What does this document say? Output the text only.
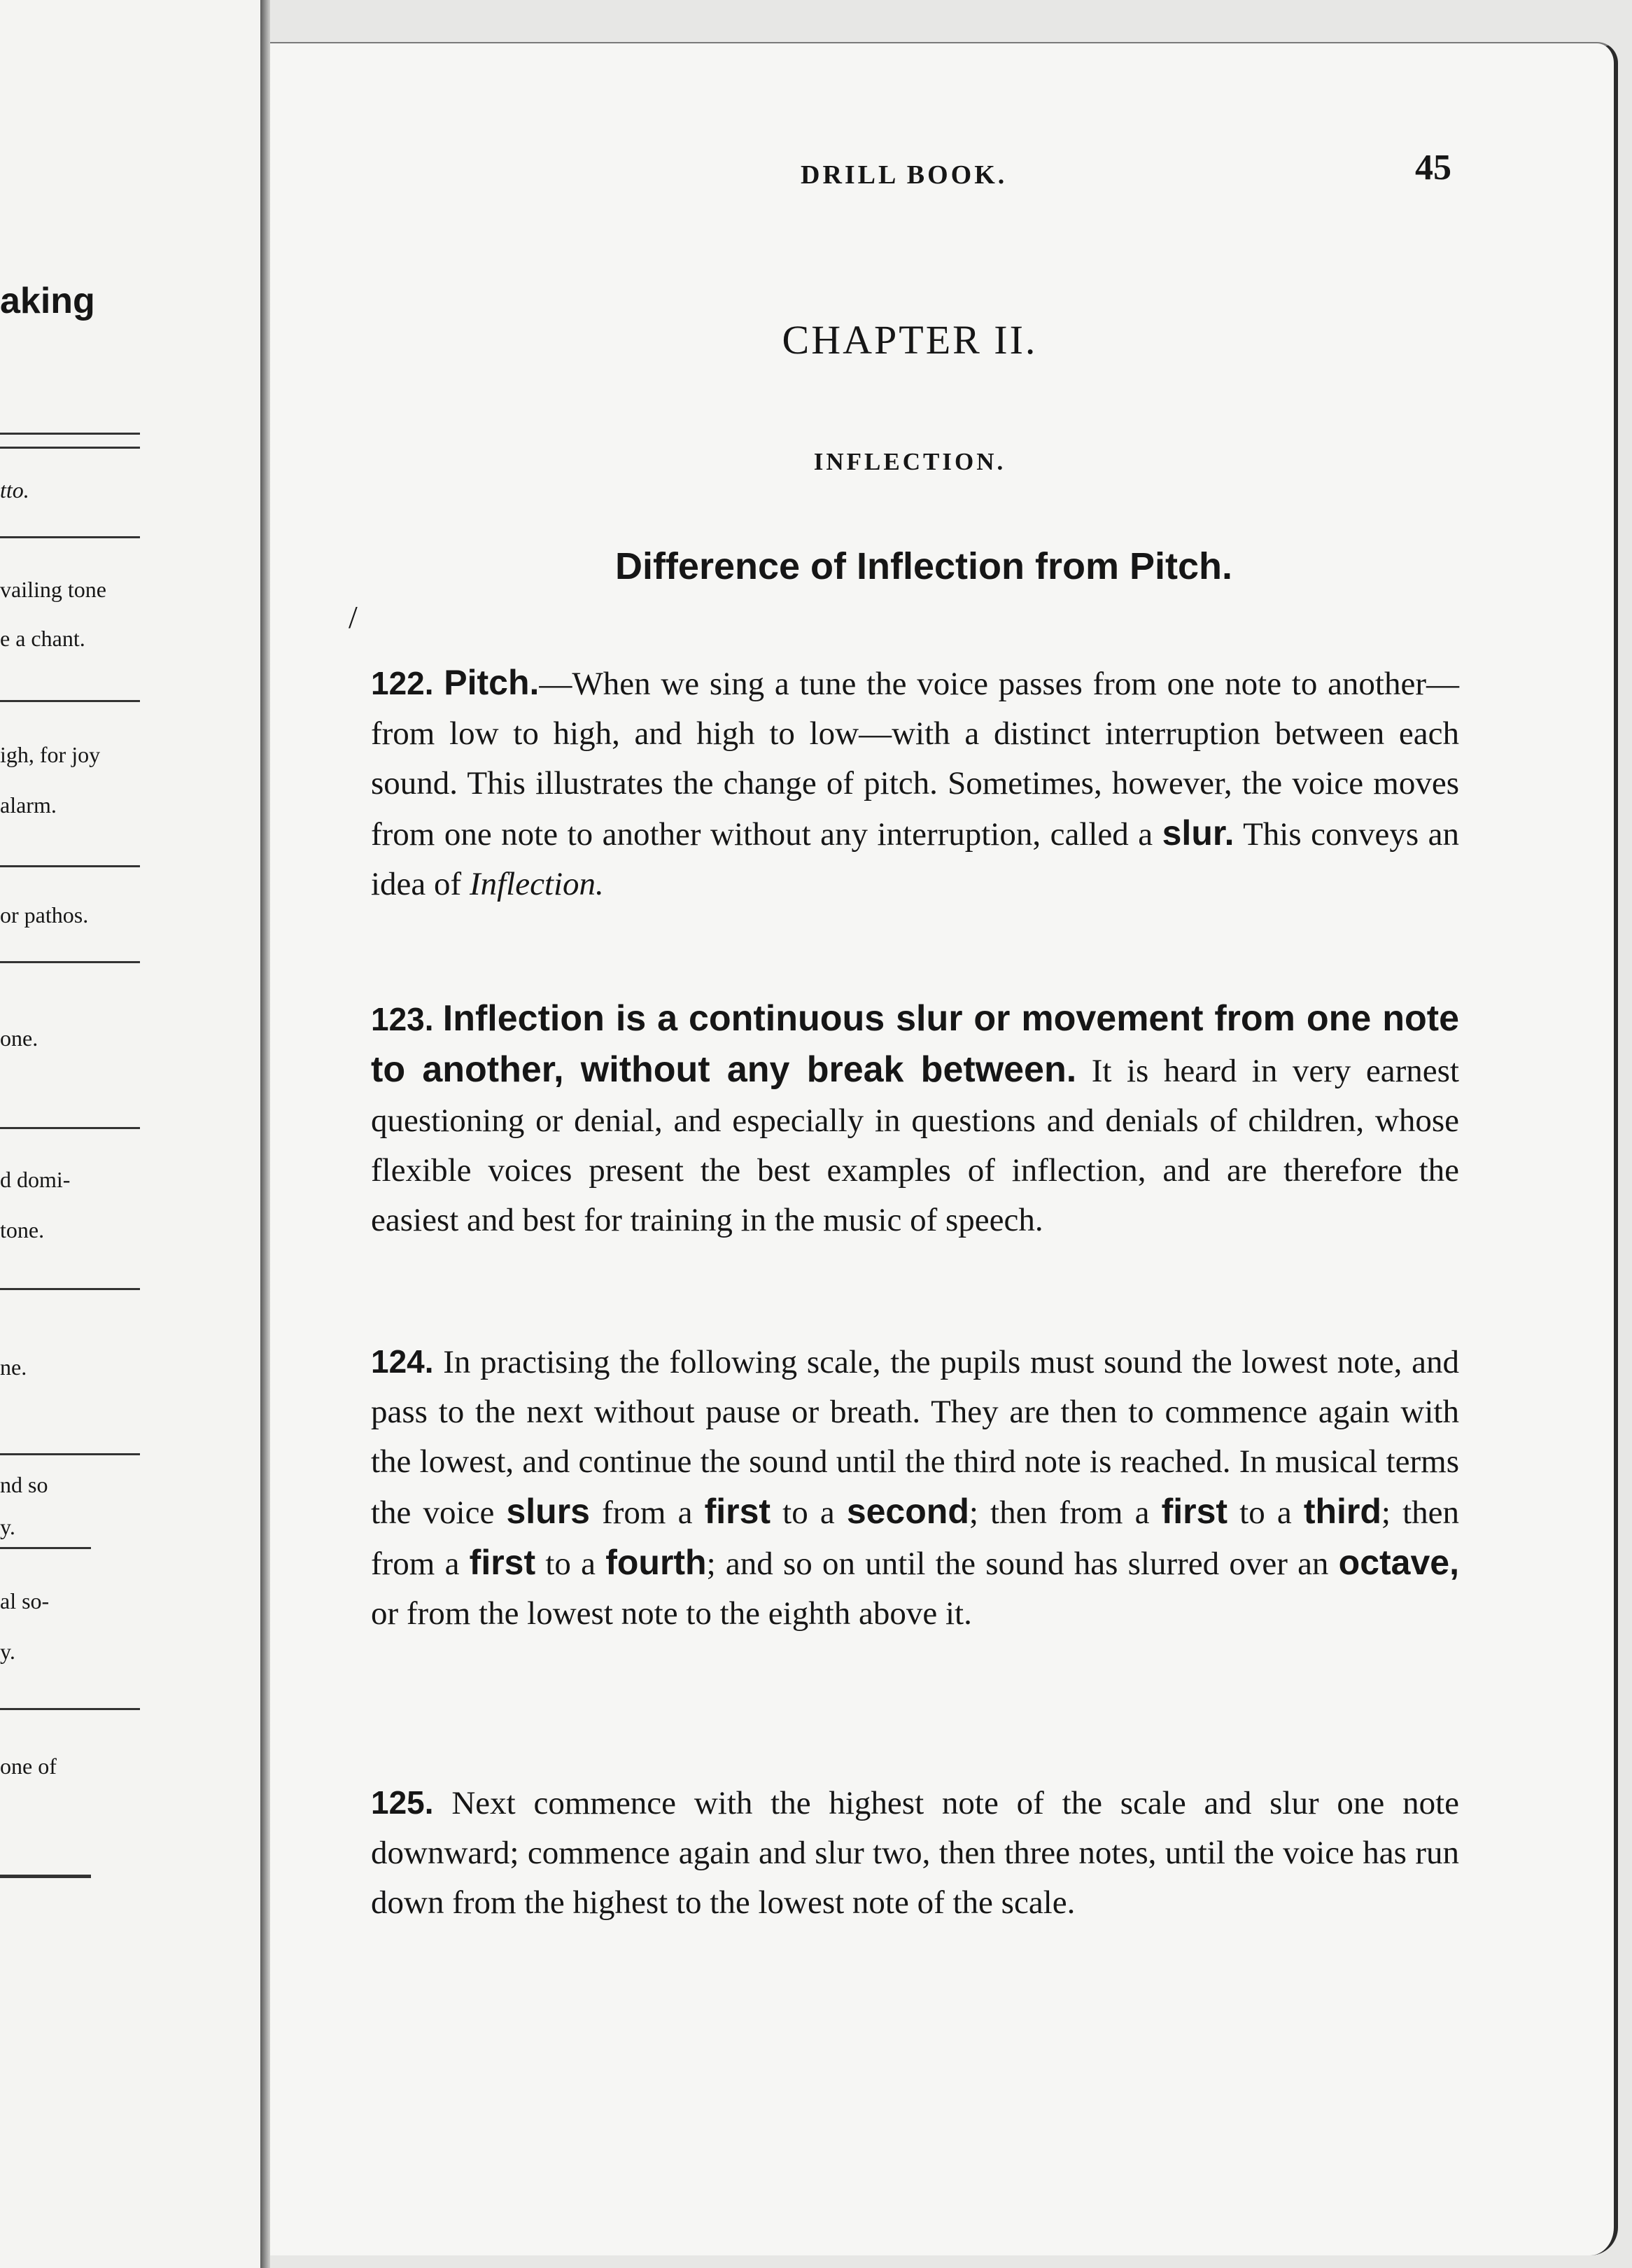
aking
tto.
vailing tone
e a chant.
igh, for joy
alarm.
or pathos.
one.
d domi-
tone.
ne.
nd so
y.
al so-
y.
one of
DRILL BOOK.	45
CHAPTER II.
INFLECTION.
Difference of Inflection from Pitch.
/

122. Pitch.—When we sing a tune the voice passes from one note to another—from low to high, and high to low—with a distinct interruption between each sound. This illustrates the change of pitch. Sometimes, however, the voice moves from one note to another without any interruption, called a slur. This conveys an idea of Inflection.

123. Inflection is a continuous slur or movement from one note to another, without any break between. It is heard in very earnest questioning or denial, and especially in questions and denials of children, whose flexible voices present the best examples of inflection, and are therefore the easiest and best for training in the music of speech.

124. In practising the following scale, the pupils must sound the lowest note, and pass to the next without pause or breath. They are then to commence again with the lowest, and continue the sound until the third note is reached. In musical terms the voice slurs from a first to a second; then from a first to a third; then from a first to a fourth; and so on until the sound has slurred over an octave, or from the lowest note to the eighth above it.

125. Next commence with the highest note of the scale and slur one note downward; commence again and slur two, then three notes, until the voice has run down from the highest to the lowest note of the scale.
